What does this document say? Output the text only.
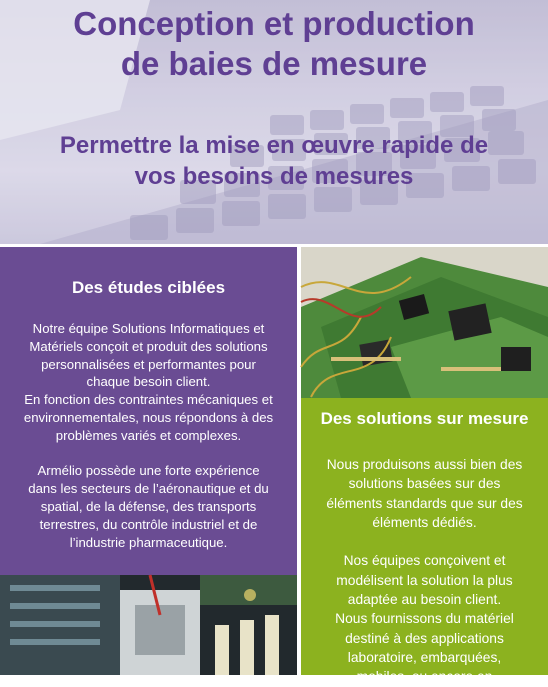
Conception et production
de baies de mesure
Permettre la mise en œuvre rapide de
vos besoins de mesures
Des études ciblées
Notre équipe Solutions Informatiques et
Matériels conçoit et produit des solutions
personnalisées et performantes pour
chaque besoin client.
En fonction des contraintes mécaniques et
environnementales, nous répondons à des
problèmes variés et complexes.
Armélio possède une forte expérience
dans les secteurs de l’aéronautique et du
spatial, de la défense, des transports
terrestres, du contrôle industriel et de
l’industrie pharmaceutique.
Des solutions sur mesure
Nous produisons aussi bien des
solutions basées sur des
éléments standards que sur des
éléments dédiés.
Nos équipes conçoivent et
modélisent la solution la plus
adaptée au besoin client.
Nous fournissons du matériel
destiné à des applications
laboratoire, embarquées,
mobiles, ou encore en
